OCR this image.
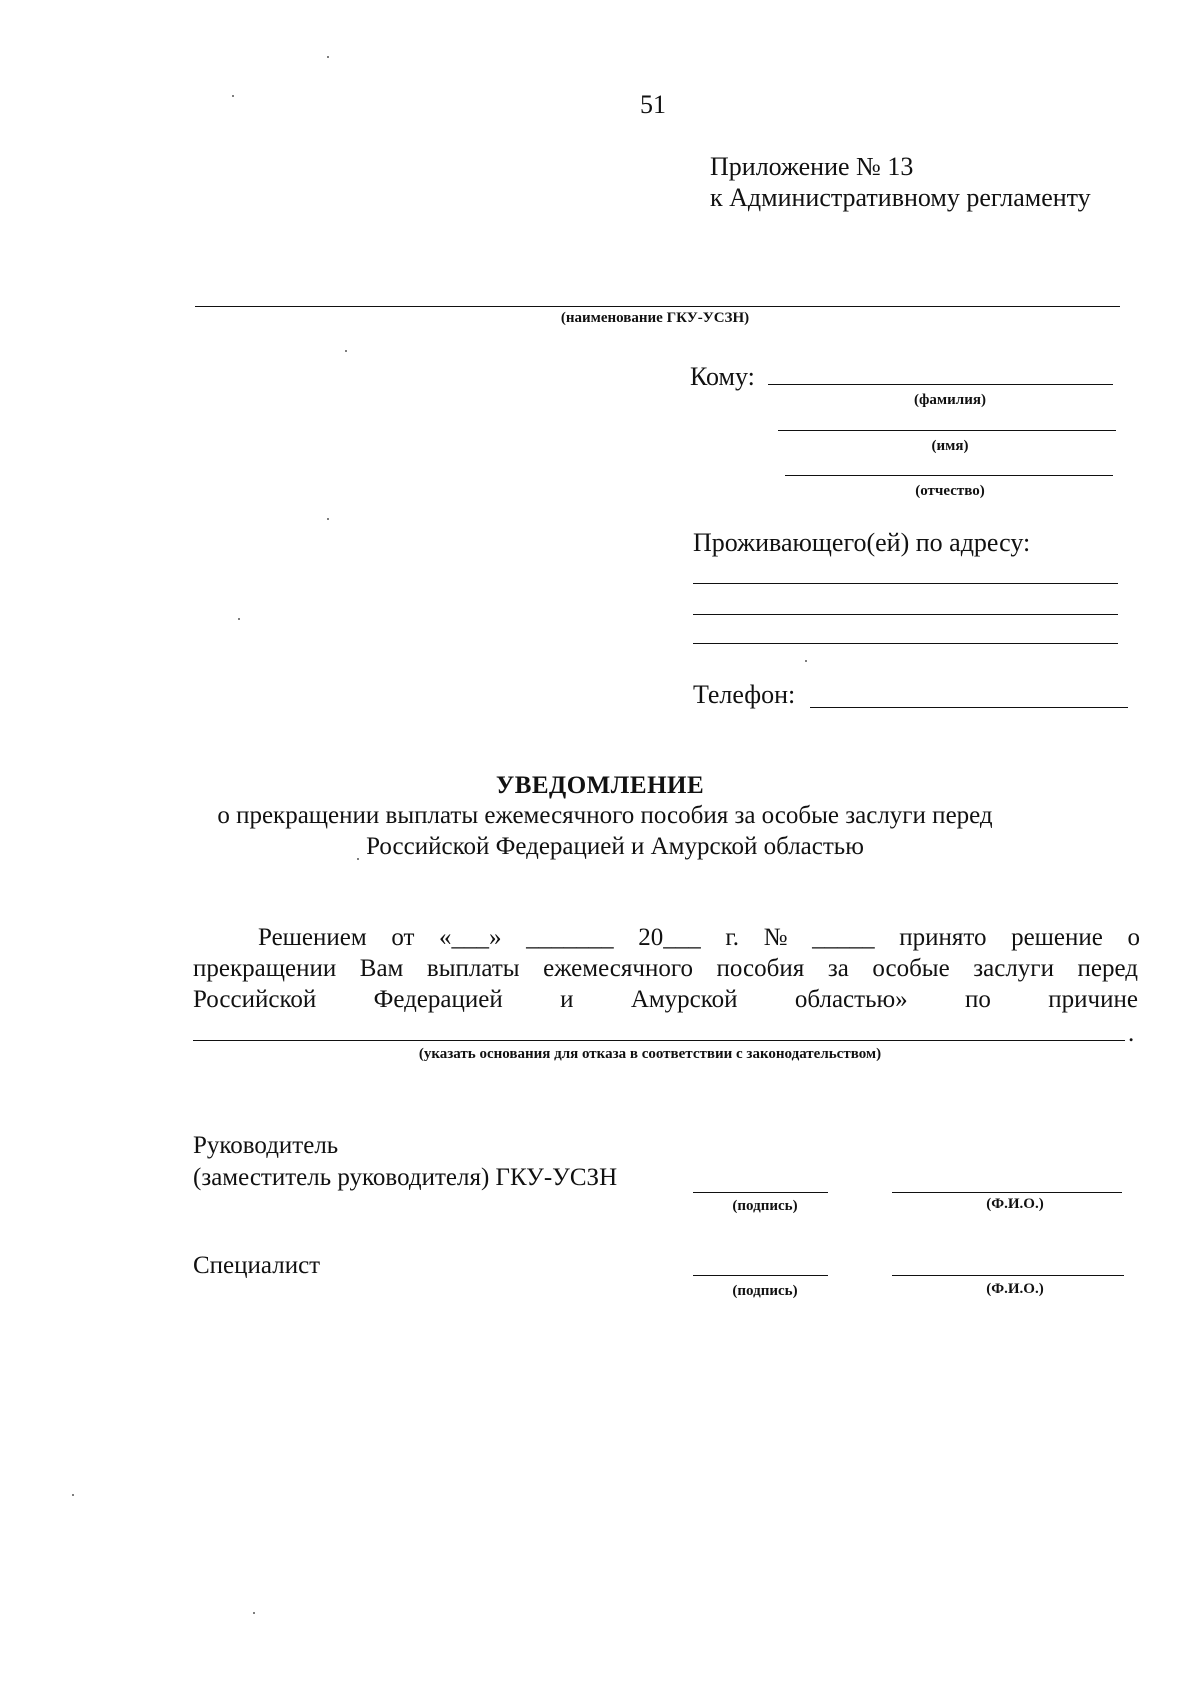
51
Приложение № 13
к Административному регламенту
(наименование ГКУ-УСЗН)
Кому:
(фамилия)
(имя)
(отчество)
Проживающего(ей) по адресу:
Телефон:
УВЕДОМЛЕНИЕ
о прекращении выплаты ежемесячного пособия за особые заслуги перед
Российской Федерацией и Амурской областью
Решением от «___» _______ 20___ г. № _____ принято решение о
прекращении Вам выплаты ежемесячного пособия за особые заслуги перед
Российской Федерацией и Амурской областью» по причине
.
(указать основания для отказа в соответствии с законодательством)
Руководитель
(заместитель руководителя) ГКУ-УСЗН
(подпись)	(Ф.И.О.)
Специалист
(подпись)	(Ф.И.О.)
